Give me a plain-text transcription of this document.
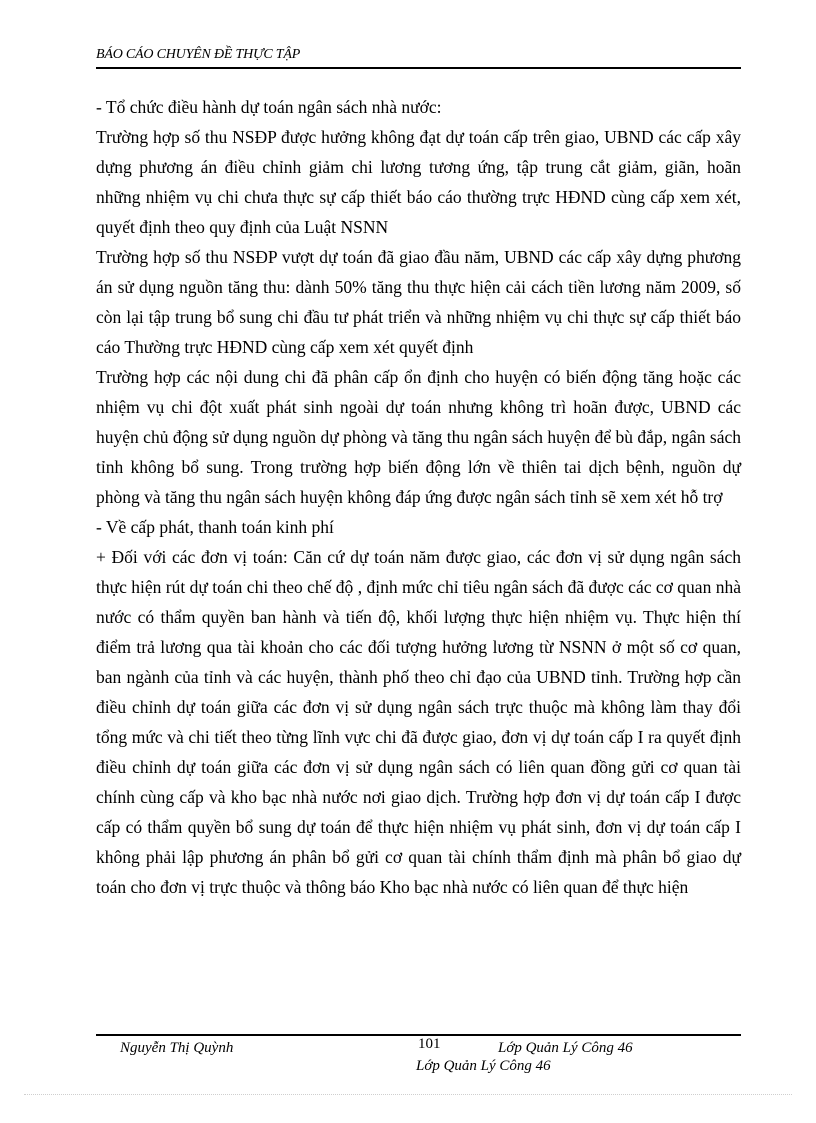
BÁO CÁO CHUYÊN ĐỀ THỰC TẬP

- Tổ chức điều hành dự toán ngân sách nhà nước:

Trường hợp số thu NSĐP được hưởng không đạt dự toán cấp trên giao, UBND các cấp xây dựng phương án điều chỉnh giảm chi lương tương ứng, tập trung cắt giảm, giãn, hoãn những nhiệm vụ chi chưa thực sự cấp thiết báo cáo thường trực HĐND cùng cấp xem xét, quyết định theo quy định của Luật NSNN

Trường hợp số thu NSĐP vượt dự toán đã giao đầu năm, UBND các cấp xây dựng phương án sử dụng nguồn tăng thu: dành 50% tăng thu thực hiện cải cách tiền lương năm 2009, số còn lại tập trung bổ sung chi đầu tư phát triển và những nhiệm vụ chi thực sự cấp thiết báo cáo Thường trực HĐND cùng cấp xem xét quyết định

Trường hợp các nội dung chi đã phân cấp ổn định cho huyện có biến động tăng hoặc các nhiệm vụ chi đột xuất phát sinh ngoài dự toán nhưng không trì hoãn được, UBND các huyện chủ động sử dụng nguồn dự phòng và tăng thu ngân sách huyện để bù đắp, ngân sách tỉnh không bổ sung. Trong trường hợp biến động lớn về thiên tai dịch bệnh, nguồn dự phòng và tăng thu ngân sách huyện không đáp ứng được ngân sách tỉnh sẽ xem xét hỗ trợ

- Về cấp phát, thanh toán kinh phí

+ Đối với các đơn vị toán: Căn cứ dự toán năm được giao, các đơn vị sử dụng ngân sách thực hiện rút dự toán chi theo chế độ , định mức chỉ tiêu ngân sách đã được các cơ quan nhà nước có thẩm quyền ban hành và tiến độ, khối lượng thực hiện nhiệm vụ. Thực hiện thí điểm trả lương qua tài khoản cho các đối tượng hưởng lương từ NSNN ở một số cơ quan, ban ngành của tỉnh và các huyện, thành phố theo chỉ đạo của UBND tỉnh. Trường hợp cần điều chỉnh dự toán giữa các đơn vị sử dụng ngân sách trực thuộc mà không làm thay đổi tổng mức và chi tiết theo từng lĩnh vực chi đã được giao, đơn vị dự toán cấp I ra quyết định điều chỉnh dự toán giữa các đơn vị sử dụng ngân sách có liên quan đồng gửi cơ quan tài chính cùng cấp và kho bạc nhà nước nơi giao dịch. Trường hợp đơn vị dự toán cấp I được cấp có thẩm quyền bổ sung dự toán để thực hiện nhiệm vụ phát sinh, đơn vị dự toán cấp I không phải lập phương án phân bổ gửi cơ quan tài chính thẩm định mà phân bổ giao dự toán cho đơn vị trực thuộc và thông báo Kho bạc nhà nước có liên quan để thực hiện

Nguyễn Thị Quỳnh	101	Lớp Quản Lý Công 46
Lớp Quản Lý Công 46
